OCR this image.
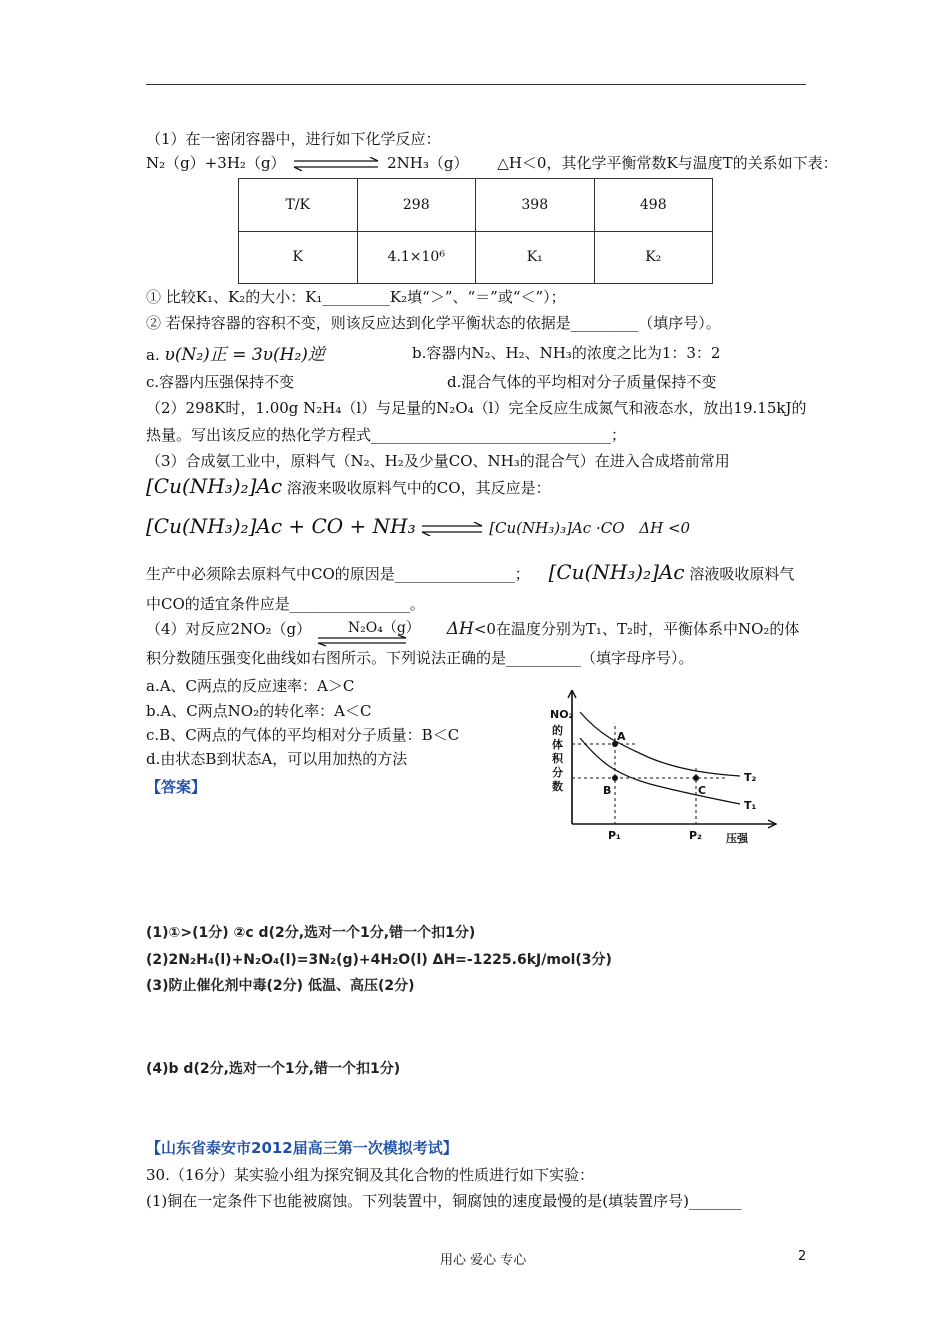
（1）在一密闭容器中，进行如下化学反应：
N₂（g）+3H₂（g）	2NH₃（g） △H＜0，其化学平衡常数K与温度T的关系如下表：
T/K	298	398	498
K	4.1×10⁶	K₁	K₂
① 比较K₁、K₂的大小：K₁_________K₂填“＞”、“＝”或“＜”）；
② 若保持容器的容积不变，则该反应达到化学平衡状态的依据是_________（填序号）。
a. υ(N₂)正 = 3υ(H₂)逆	b.容器内N₂、H₂、NH₃的浓度之比为1：3：2
c.容器内压强保持不变	d.混合气体的平均相对分子质量保持不变
（2）298K时，1.00g N₂H₄（l）与足量的N₂O₄（l）完全反应生成氮气和液态水，放出19.15kJ的
热量。写出该反应的热化学方程式________________________________；
（3）合成氨工业中，原料气（N₂、H₂及少量CO、NH₃的混合气）在进入合成塔前常用
[Cu(NH₃)₂]Ac 溶液来吸收原料气中的CO，其反应是：
[Cu(NH₃)₂]Ac + CO + NH₃	[Cu(NH₃)₃]Ac ·CO ΔH <0
生产中必须除去原料气中CO的原因是________________； [Cu(NH₃)₂]Ac 溶液吸收原料气
中CO的适宜条件应是________________。
（4）对反应2NO₂（g）	N₂O₄（g） ΔH<0在温度分别为T₁、T₂时，平衡体系中NO₂的体
积分数随压强变化曲线如右图所示。下列说法正确的是__________（填字母序号）。
a.A、C两点的反应速率：A＞C
b.A、C两点NO₂的转化率：A＜C
c.B、C两点的气体的平均相对分子质量：B＜C
d.由状态B到状态A，可以用加热的方法
NO₂
的
体
积
分
数
A
B	C
P₁	P₂
T₂
T₁
压强
【答案】
(1)①>(1分) ②c d(2分,选对一个1分,错一个扣1分)
(2)2N₂H₄(l)+N₂O₄(l)=3N₂(g)+4H₂O(l) ΔH=-1225.6kJ/mol(3分)
(3)防止催化剂中毒(2分) 低温、高压(2分)
(4)b d(2分,选对一个1分,错一个扣1分)
【山东省泰安市2012届高三第一次模拟考试】
30.（16分）某实验小组为探究铜及其化合物的性质进行如下实验：
(1)铜在一定条件下也能被腐蚀。下列装置中，铜腐蚀的速度最慢的是(填装置序号)_______
用心 爱心 专心	2
